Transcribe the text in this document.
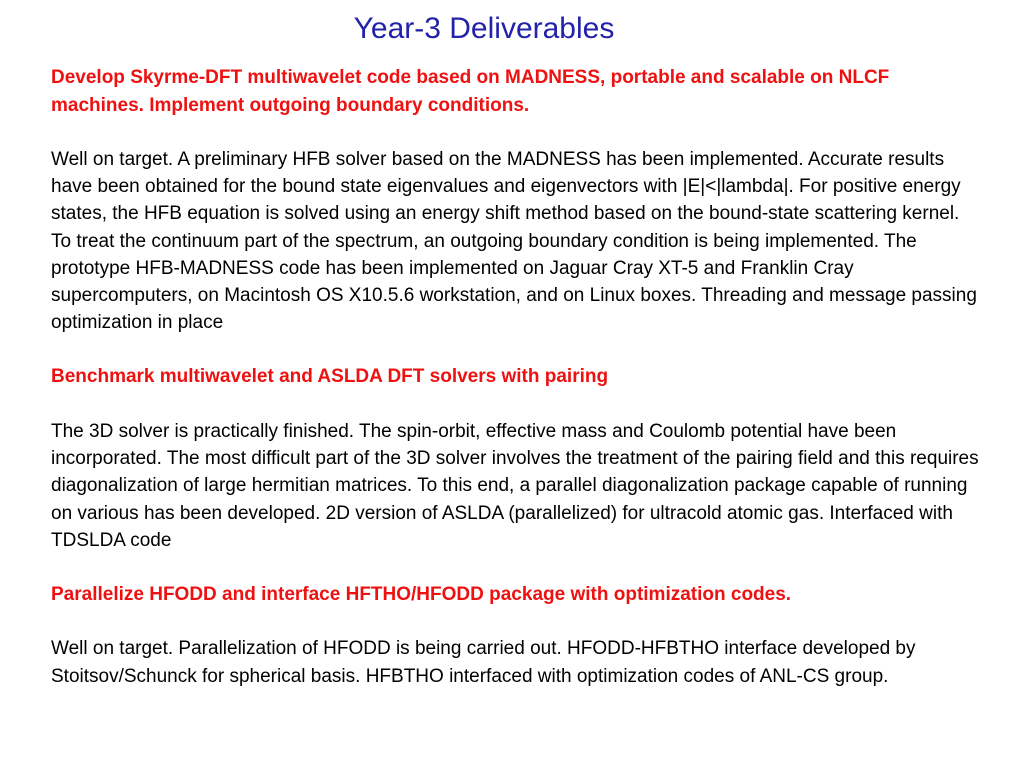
Year-3 Deliverables

Develop Skyrme-DFT multiwavelet code based on MADNESS, portable and scalable on NLCF machines. Implement outgoing boundary conditions.

Well on target. A preliminary HFB solver based on the MADNESS has been implemented. Accurate results have been obtained for the bound state eigenvalues and eigenvectors with |E|<|lambda|. For positive energy states, the HFB equation is solved using an energy shift method based on the bound-state scattering kernel. To treat the continuum part of the spectrum, an outgoing boundary condition is being implemented. The prototype HFB-MADNESS code has been implemented on Jaguar Cray XT-5 and Franklin Cray supercomputers, on Macintosh OS X10.5.6 workstation, and on Linux boxes. Threading and message passing optimization in place

Benchmark multiwavelet and ASLDA DFT solvers with pairing

The 3D solver is practically finished. The spin-orbit, effective mass and Coulomb potential have been incorporated. The most difficult part of the 3D solver involves the treatment of the pairing field and this requires diagonalization of large hermitian matrices. To this end, a parallel diagonalization package capable of running on various has been developed. 2D version of ASLDA (parallelized) for ultracold atomic gas. Interfaced with TDSLDA code

Parallelize HFODD and interface HFTHO/HFODD package with optimization codes.

Well on target. Parallelization of HFODD is being carried out. HFODD-HFBTHO interface developed by Stoitsov/Schunck for spherical basis. HFBTHO interfaced with optimization codes of ANL-CS group.
